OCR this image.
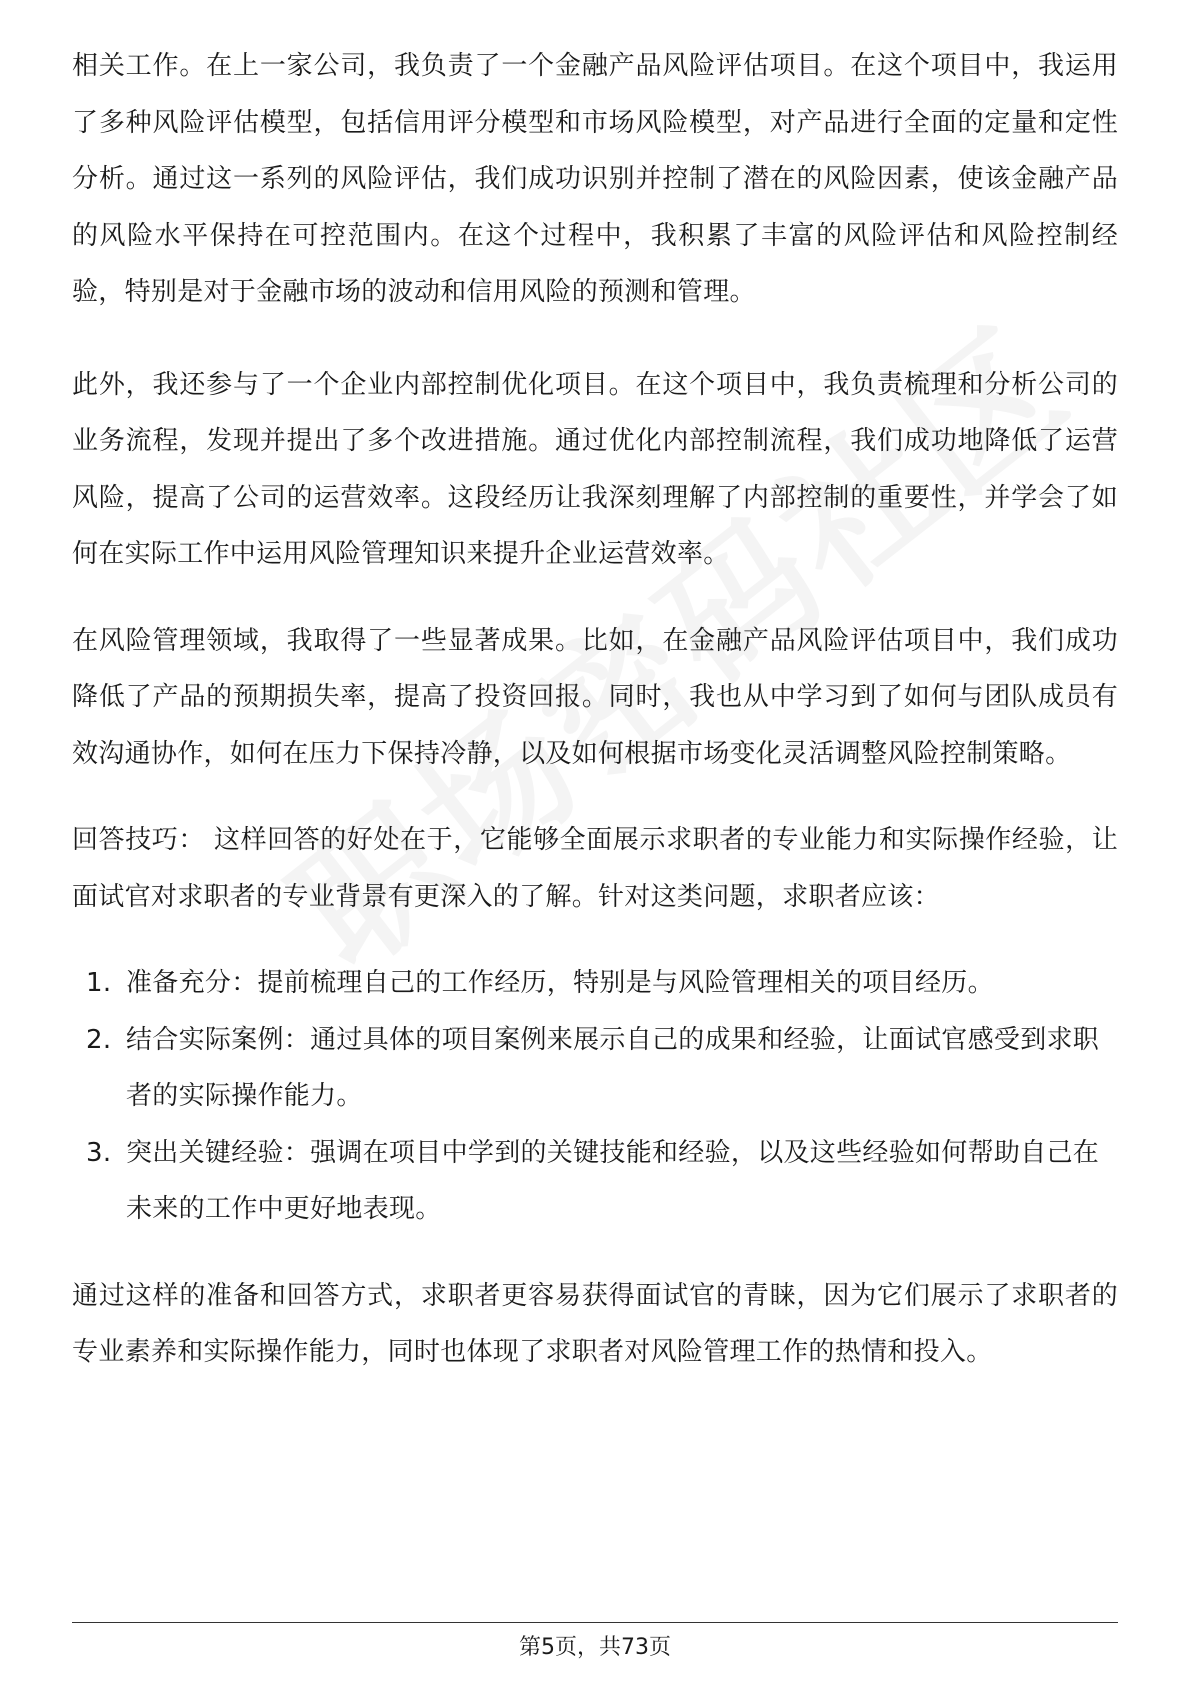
相关工作。在上一家公司，我负责了一个金融产品风险评估项目。在这个项目中，我运用了多种风险评估模型，包括信用评分模型和市场风险模型，对产品进行全面的定量和定性分析。通过这一系列的风险评估，我们成功识别并控制了潜在的风险因素，使该金融产品的风险水平保持在可控范围内。在这个过程中，我积累了丰富的风险评估和风险控制经验，特别是对于金融市场的波动和信用风险的预测和管理。

此外，我还参与了一个企业内部控制优化项目。在这个项目中，我负责梳理和分析公司的业务流程，发现并提出了多个改进措施。通过优化内部控制流程，我们成功地降低了运营风险，提高了公司的运营效率。这段经历让我深刻理解了内部控制的重要性，并学会了如何在实际工作中运用风险管理知识来提升企业运营效率。

在风险管理领域，我取得了一些显著成果。比如，在金融产品风险评估项目中，我们成功降低了产品的预期损失率，提高了投资回报。同时，我也从中学习到了如何与团队成员有效沟通协作，如何在压力下保持冷静，以及如何根据市场变化灵活调整风险控制策略。

回答技巧： 这样回答的好处在于，它能够全面展示求职者的专业能力和实际操作经验，让面试官对求职者的专业背景有更深入的了解。针对这类问题，求职者应该：

1. 准备充分：提前梳理自己的工作经历，特别是与风险管理相关的项目经历。
2. 结合实际案例：通过具体的项目案例来展示自己的成果和经验，让面试官感受到求职者的实际操作能力。
3. 突出关键经验：强调在项目中学到的关键技能和经验，以及这些经验如何帮助自己在未来的工作中更好地表现。

通过这样的准备和回答方式，求职者更容易获得面试官的青睐，因为它们展示了求职者的专业素养和实际操作能力，同时也体现了求职者对风险管理工作的热情和投入。

第5页，共73页
